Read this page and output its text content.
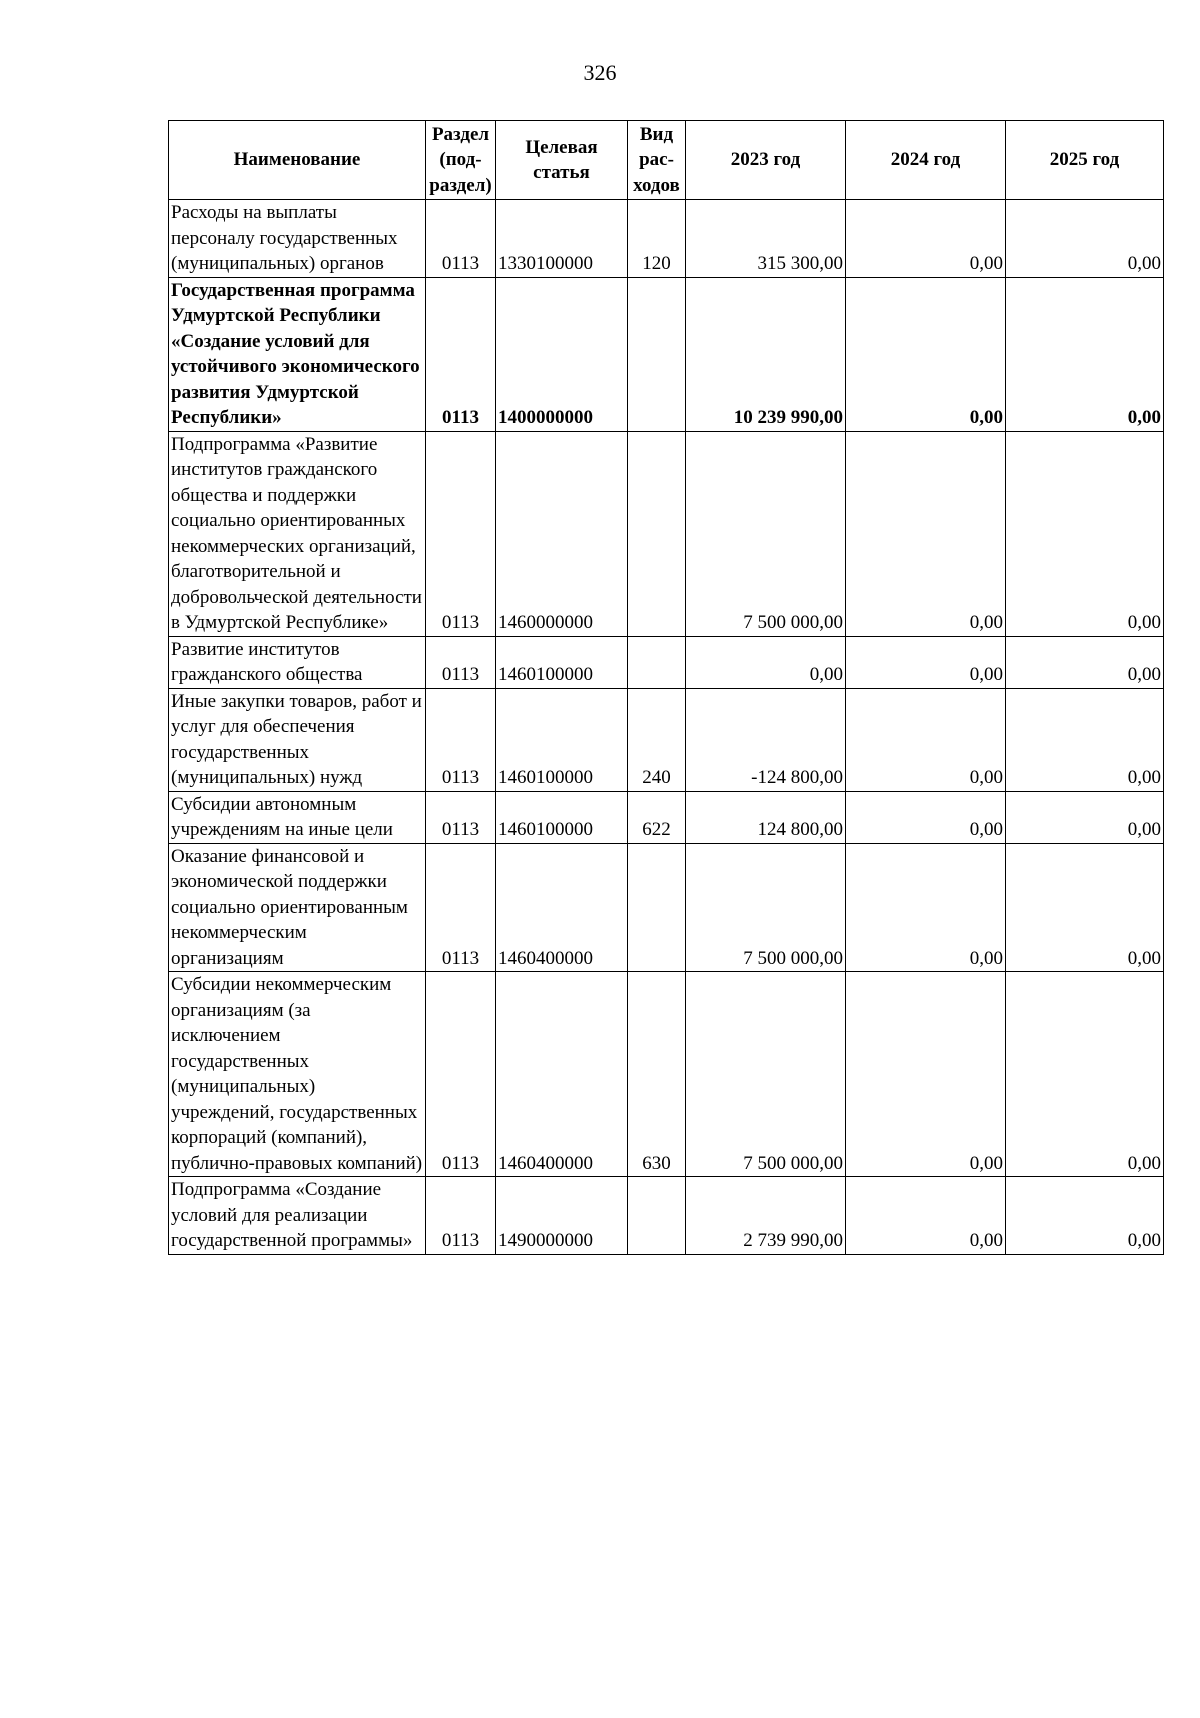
326
Наименование	Раздел (под-раздел)	Целевая статья	Вид рас-ходов	2023 год	2024 год	2025 год
Расходы на выплаты персоналу государственных (муниципальных) органов	0113	1330100000	120	315 300,00	0,00	0,00
Государственная программа Удмуртской Республики «Создание условий для устойчивого экономического развития Удмуртской Республики»	0113	1400000000		10 239 990,00	0,00	0,00
Подпрограмма «Развитие институтов гражданского общества и поддержки социально ориентированных некоммерческих организаций, благотворительной и добровольческой деятельности в Удмуртской Республике»	0113	1460000000		7 500 000,00	0,00	0,00
Развитие институтов гражданского общества	0113	1460100000		0,00	0,00	0,00
Иные закупки товаров, работ и услуг для обеспечения государственных (муниципальных) нужд	0113	1460100000	240	-124 800,00	0,00	0,00
Субсидии автономным учреждениям на иные цели	0113	1460100000	622	124 800,00	0,00	0,00
Оказание финансовой и экономической поддержки социально ориентированным некоммерческим организациям	0113	1460400000		7 500 000,00	0,00	0,00
Субсидии некоммерческим организациям (за исключением государственных (муниципальных) учреждений, государственных корпораций (компаний), публично-правовых компаний)	0113	1460400000	630	7 500 000,00	0,00	0,00
Подпрограмма «Создание условий для реализации государственной программы»	0113	1490000000		2 739 990,00	0,00	0,00
